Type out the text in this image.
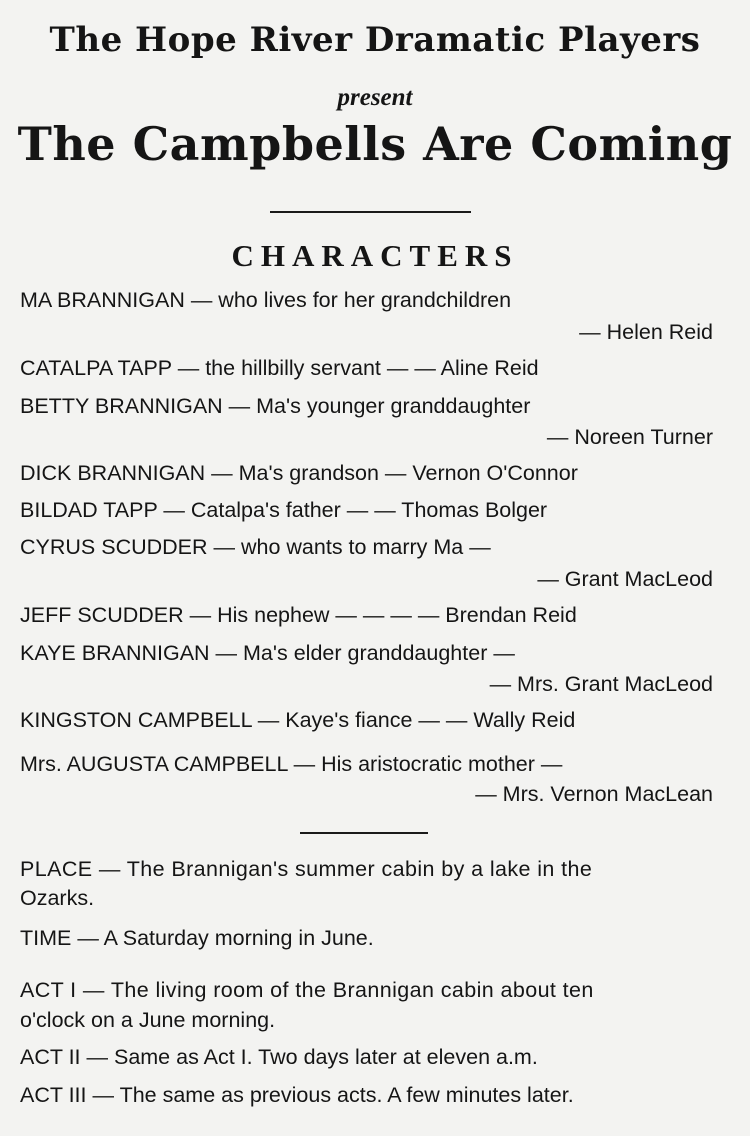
The Hope River Dramatic Players
present
The Campbells Are Coming
CHARACTERS
MA BRANNIGAN — who lives for her grandchildren
— Helen Reid
CATALPA TAPP — the hillbilly servant — — Aline Reid
BETTY BRANNIGAN — Ma's younger granddaughter
— Noreen Turner
DICK BRANNIGAN — Ma's grandson — Vernon O'Connor
BILDAD TAPP — Catalpa's father — — Thomas Bolger
CYRUS SCUDDER — who wants to marry Ma —
— Grant MacLeod
JEFF SCUDDER — His nephew — — — — Brendan Reid
KAYE BRANNIGAN — Ma's elder granddaughter —
— Mrs. Grant MacLeod
KINGSTON CAMPBELL — Kaye's fiance — — Wally Reid
Mrs. AUGUSTA CAMPBELL — His aristocratic mother —
— Mrs. Vernon MacLean
PLACE — The Brannigan's summer cabin by a lake in the
Ozarks.
TIME — A Saturday morning in June.
ACT I — The living room of the Brannigan cabin about ten
o'clock on a June morning.
ACT II — Same as Act I. Two days later at eleven a.m.
ACT III — The same as previous acts. A few minutes later.
